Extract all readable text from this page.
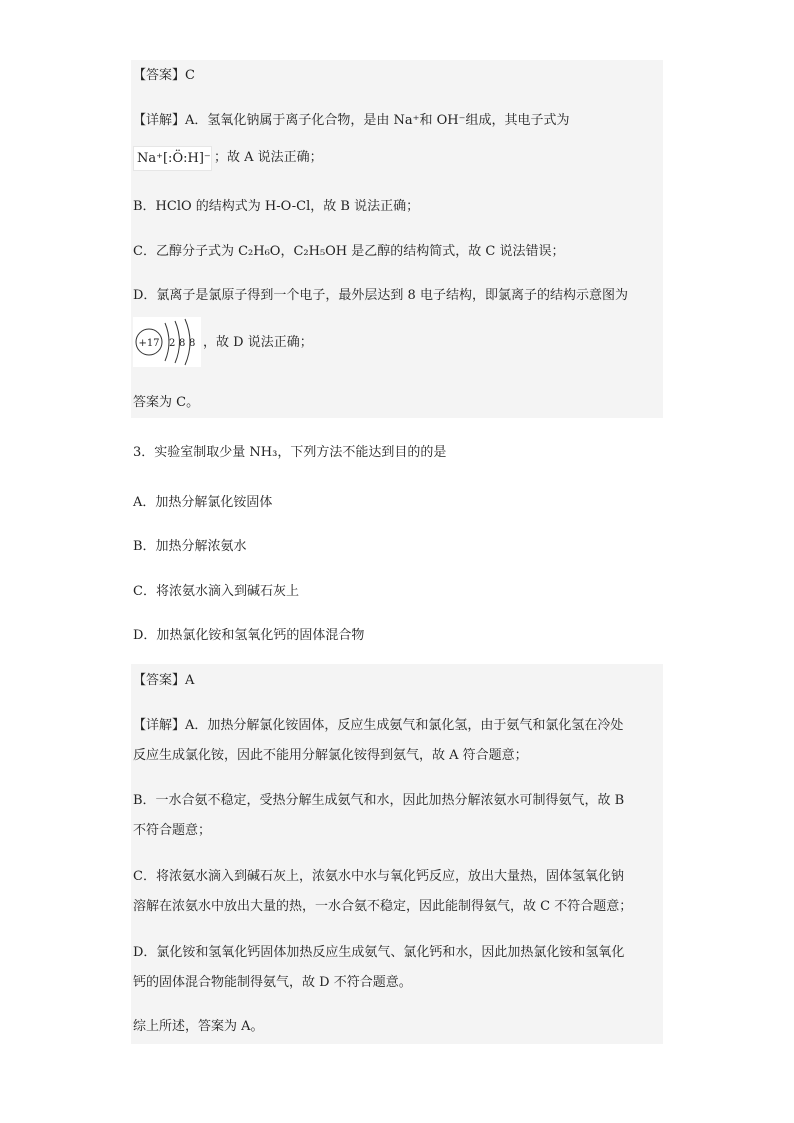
【答案】C
【详解】A．氢氧化钠属于离子化合物，是由 Na⁺和 OH⁻组成，其电子式为
Na⁺[:Ö:H]⁻ ；故 A 说法正确；
B．HClO 的结构式为 H-O-Cl，故 B 说法正确；
C．乙醇分子式为 C₂H₆O，C₂H₅OH 是乙醇的结构简式，故 C 说法错误；
D．氯离子是氯原子得到一个电子，最外层达到 8 电子结构，即氯离子的结构示意图为
+17 2 8 8 ，故 D 说法正确；
答案为 C。
3．实验室制取少量 NH₃，下列方法不能达到目的的是
A．加热分解氯化铵固体
B．加热分解浓氨水
C．将浓氨水滴入到碱石灰上
D．加热氯化铵和氢氧化钙的固体混合物
【答案】A
【详解】A．加热分解氯化铵固体，反应生成氨气和氯化氢，由于氨气和氯化氢在冷处
反应生成氯化铵，因此不能用分解氯化铵得到氨气，故 A 符合题意；
B．一水合氨不稳定，受热分解生成氨气和水，因此加热分解浓氨水可制得氨气，故 B
不符合题意；
C．将浓氨水滴入到碱石灰上，浓氨水中水与氧化钙反应，放出大量热，固体氢氧化钠
溶解在浓氨水中放出大量的热，一水合氨不稳定，因此能制得氨气，故 C 不符合题意；
D．氯化铵和氢氧化钙固体加热反应生成氨气、氯化钙和水，因此加热氯化铵和氢氧化
钙的固体混合物能制得氨气，故 D 不符合题意。
综上所述，答案为 A。
